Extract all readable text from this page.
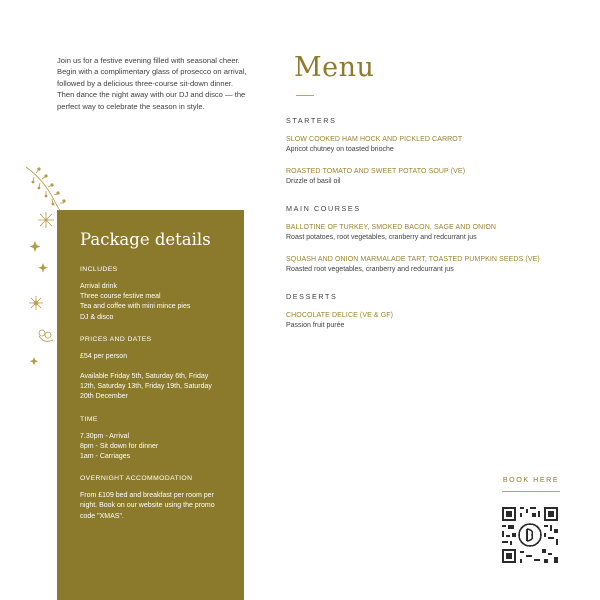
Join us for a festive evening filled with seasonal cheer. Begin with a complimentary glass of prosecco on arrival, followed by a delicious three-course sit-down dinner. Then dance the night away with our DJ and disco — the perfect way to celebrate the season in style.
Menu
STARTERS
SLOW COOKED HAM HOCK AND PICKLED CARROT
Apricot chutney on toasted brioche
ROASTED TOMATO AND SWEET POTATO SOUP (VE)
Drizzle of basil oil
MAIN COURSES
BALLOTINE OF TURKEY, SMOKED BACON, SAGE AND ONION
Roast potatoes, root vegetables, cranberry and redcurrant jus
SQUASH AND ONION MARMALADE TART, TOASTED PUMPKIN SEEDS (VE)
Roasted root vegetables, cranberry and redcurrant jus
DESSERTS
CHOCOLATE DELICE (VE & GF)
Passion fruit purée
Package details
INCLUDES
Arrival drink
Three course festive meal
Tea and coffee with mini mince pies
DJ & disco
PRICES AND DATES
£54 per person
Available Friday 5th, Saturday 6th, Friday 12th, Saturday 13th, Friday 19th, Saturday 20th December
TIME
7.30pm - Arrival
8pm - Sit down for dinner
1am - Carriages
OVERNIGHT ACCOMMODATION
From £109 bed and breakfast per room per night. Book on our website using the promo code "XMAS".
BOOK HERE
